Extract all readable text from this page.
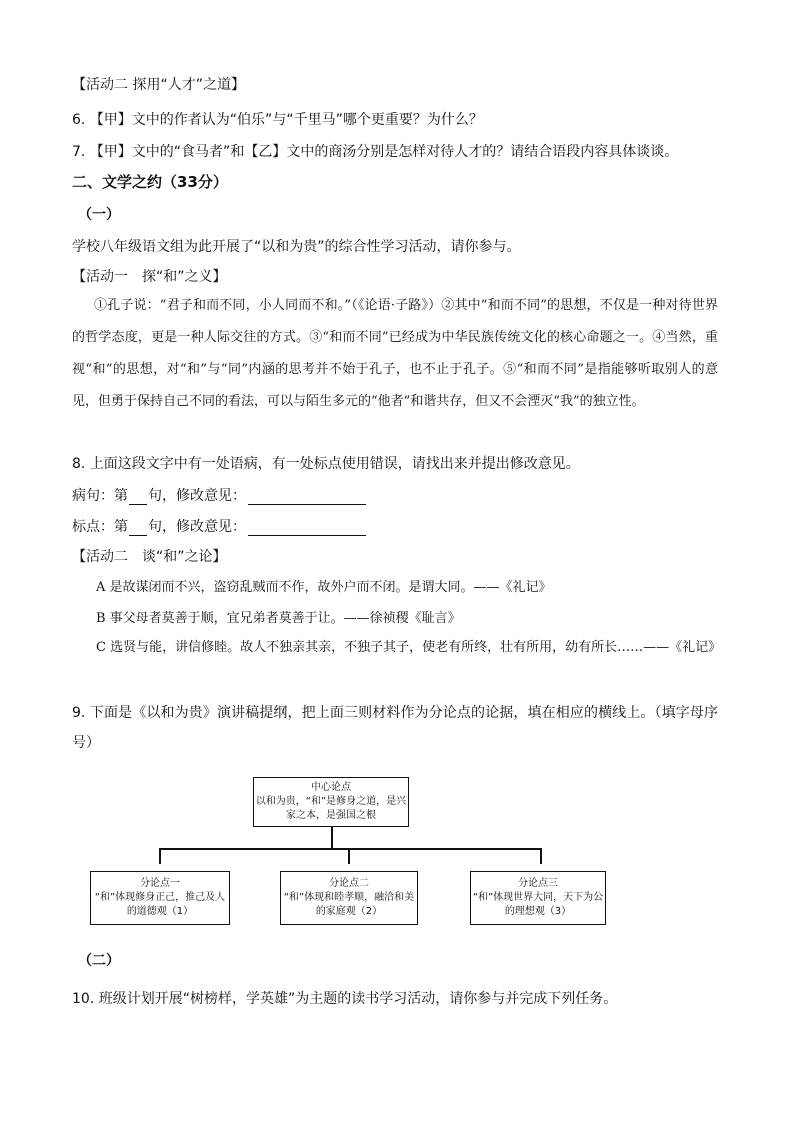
【活动二 探用“人才”之道】
6. 【甲】文中的作者认为“伯乐”与“千里马”哪个更重要？为什么？
7. 【甲】文中的“食马者”和【乙】文中的商汤分别是怎样对待人才的？请结合语段内容具体谈谈。
二、文学之约（33分）
（一）
学校八年级语文组为此开展了“以和为贵”的综合性学习活动，请你参与。
【活动一　探“和”之义】
①孔子说：“君子和而不同，小人同而不和。”（《论语·子路》）②其中“和而不同”的思想，不仅是一种对待世界的哲学态度，更是一种人际交往的方式。③“和而不同”已经成为中华民族传统文化的核心命题之一。④当然，重视“和”的思想，对“和”与“同”内涵的思考并不始于孔子，也不止于孔子。⑤“和而不同”是指能够听取别人的意见，但勇于保持自己不同的看法，可以与陌生多元的“他者”和谐共存，但又不会湮灭“我”的独立性。
8. 上面这段文字中有一处语病，有一处标点使用错误，请找出来并提出修改意见。
病句：第 句，修改意见：
标点：第 句，修改意见：
【活动二　谈“和”之论】
A 是故谋闭而不兴，盗窃乱贼而不作，故外户而不闭。是谓大同。——《礼记》
B 事父母者莫善于顺，宜兄弟者莫善于让。——徐祯稷《耻言》
C 选贤与能，讲信修睦。故人不独亲其亲，不独子其子，使老有所终，壮有所用，幼有所长……——《礼记》
9. 下面是《以和为贵》演讲稿提纲，把上面三则材料作为分论点的论据，填在相应的横线上。（填字母序号）
中心论点
以和为贵，“和”是修身之道，是兴家之本，是强国之根
分论点一
“和”体现修身正己，推己及人的道德观（1）
分论点二
“和”体现和睦孝顺，融洽和美的家庭观（2）
分论点三
“和”体现世界大同，天下为公的理想观（3）
（二）
10. 班级计划开展“树榜样，学英雄”为主题的读书学习活动，请你参与并完成下列任务。
